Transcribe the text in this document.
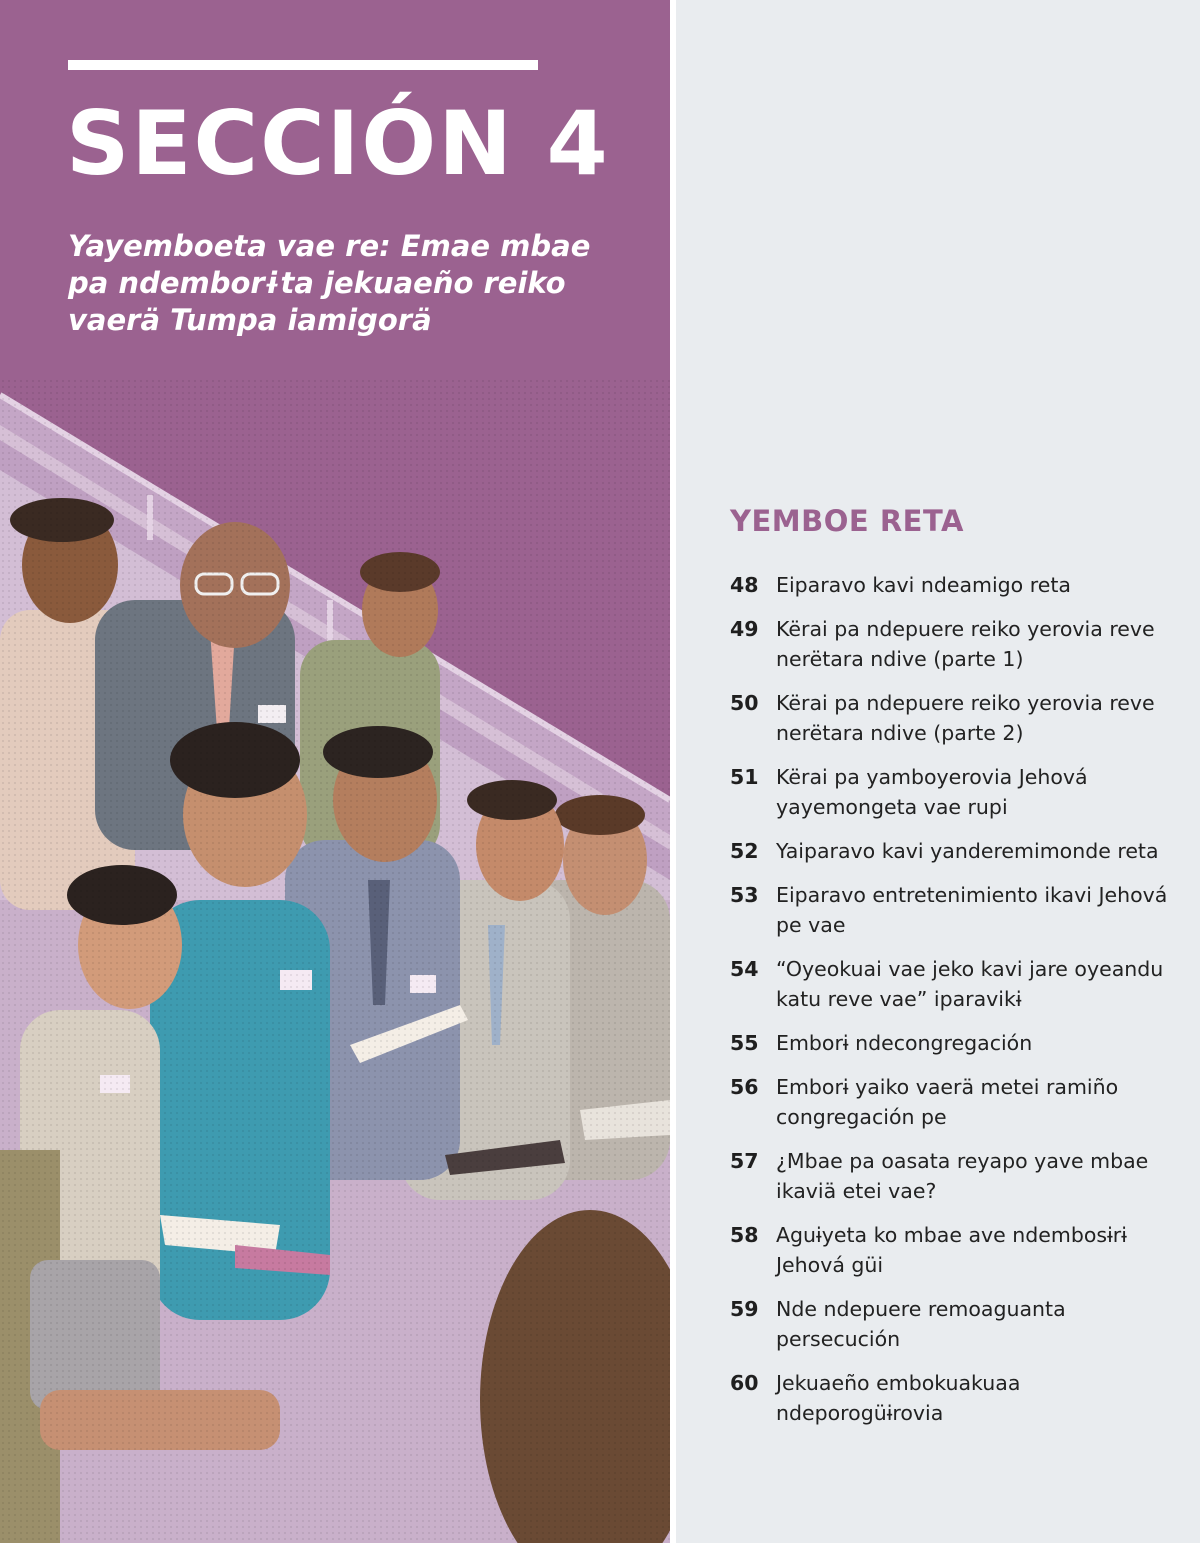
SECCIÓN 4

Yayemboeta vae re: Emae mbae pa ndemborɨta jekuaeño reiko vaerä Tumpa iamigorä

YEMBOE RETA
48 Eiparavo kavi ndeamigo reta
49 Kërai pa ndepuere reiko yerovia reve nerëtara ndive (parte 1)
50 Kërai pa ndepuere reiko yerovia reve nerëtara ndive (parte 2)
51 Kërai pa yamboyerovia Jehová yayemongeta vae rupi
52 Yaiparavo kavi yanderemimonde reta
53 Eiparavo entretenimiento ikavi Jehová pe vae
54 “Oyeokuai vae jeko kavi jare oyeandu katu reve vae” iparavikɨ
55 Emborɨ ndecongregación
56 Emborɨ yaiko vaerä metei ramiño congregación pe
57 ¿Mbae pa oasata reyapo yave mbae ikaviä etei vae?
58 Aguɨyeta ko mbae ave ndembosɨrɨ Jehová güi
59 Nde ndepuere remoaguanta persecución
60 Jekuaeño embokuakuaa ndeporogüɨrovia
